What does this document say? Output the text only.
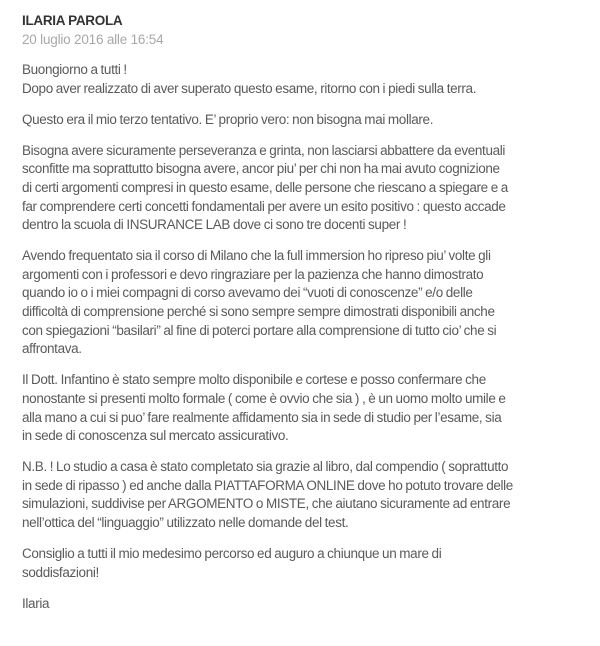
ILARIA PAROLA
20 luglio 2016 alle 16:54

Buongiorno a tutti !
Dopo aver realizzato di aver superato questo esame, ritorno con i piedi sulla terra.

Questo era il mio terzo tentativo. E’ proprio vero: non bisogna mai mollare.

Bisogna avere sicuramente perseveranza e grinta, non lasciarsi abbattere da eventuali
sconfitte ma soprattutto bisogna avere, ancor piu’ per chi non ha mai avuto cognizione
di certi argomenti compresi in questo esame, delle persone che riescano a spiegare e a
far comprendere certi concetti fondamentali per avere un esito positivo : questo accade
dentro la scuola di INSURANCE LAB dove ci sono tre docenti super !

Avendo frequentato sia il corso di Milano che la full immersion ho ripreso piu’ volte gli
argomenti con i professori e devo ringraziare per la pazienza che hanno dimostrato
quando io o i miei compagni di corso avevamo dei “vuoti di conoscenze” e/o delle
difficoltà di comprensione perché si sono sempre sempre dimostrati disponibili anche
con spiegazioni “basilari” al fine di poterci portare alla comprensione di tutto cio’ che si
affrontava.

Il Dott. Infantino è stato sempre molto disponibile e cortese e posso confermare che
nonostante si presenti molto formale ( come è ovvio che sia ) , è un uomo molto umile e
alla mano a cui si puo’ fare realmente affidamento sia in sede di studio per l’esame, sia
in sede di conoscenza sul mercato assicurativo.

N.B. ! Lo studio a casa è stato completato sia grazie al libro, dal compendio ( soprattutto
in sede di ripasso ) ed anche dalla PIATTAFORMA ONLINE dove ho potuto trovare delle
simulazioni, suddivise per ARGOMENTO o MISTE, che aiutano sicuramente ad entrare
nell’ottica del “linguaggio” utilizzato nelle domande del test.

Consiglio a tutti il mio medesimo percorso ed auguro a chiunque un mare di
soddisfazioni!

Ilaria
